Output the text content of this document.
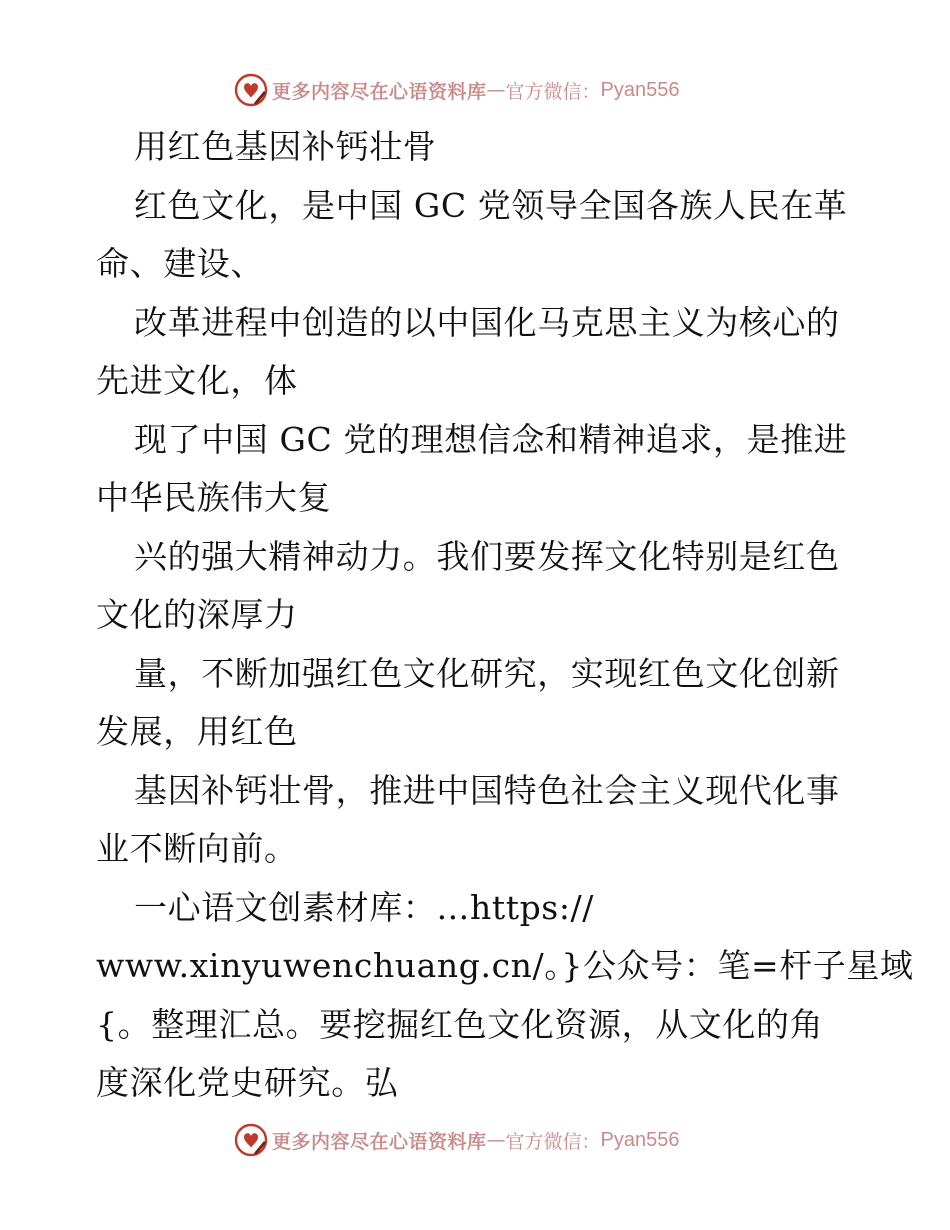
更多内容尽在心语资料库 — 官方微信： Pyan556
用红色基因补钙壮骨
红色文化，是中国 GC 党领导全国各族人民在革
命、建设、
改革进程中创造的以中国化马克思主义为核心的
先进文化，体
现了中国 GC 党的理想信念和精神追求，是推进
中华民族伟大复
兴的强大精神动力。我们要发挥文化特别是红色
文化的深厚力
量，不断加强红色文化研究，实现红色文化创新
发展，用红色
基因补钙壮骨，推进中国特色社会主义现代化事
业不断向前。
一心语文创素材库：…https://
www.xinyuwenchuang.cn/。}公众号：笔=杆子星域
{。整理汇总。要挖掘红色文化资源，从文化的角
度深化党史研究。弘
更多内容尽在心语资料库 — 官方微信： Pyan556
